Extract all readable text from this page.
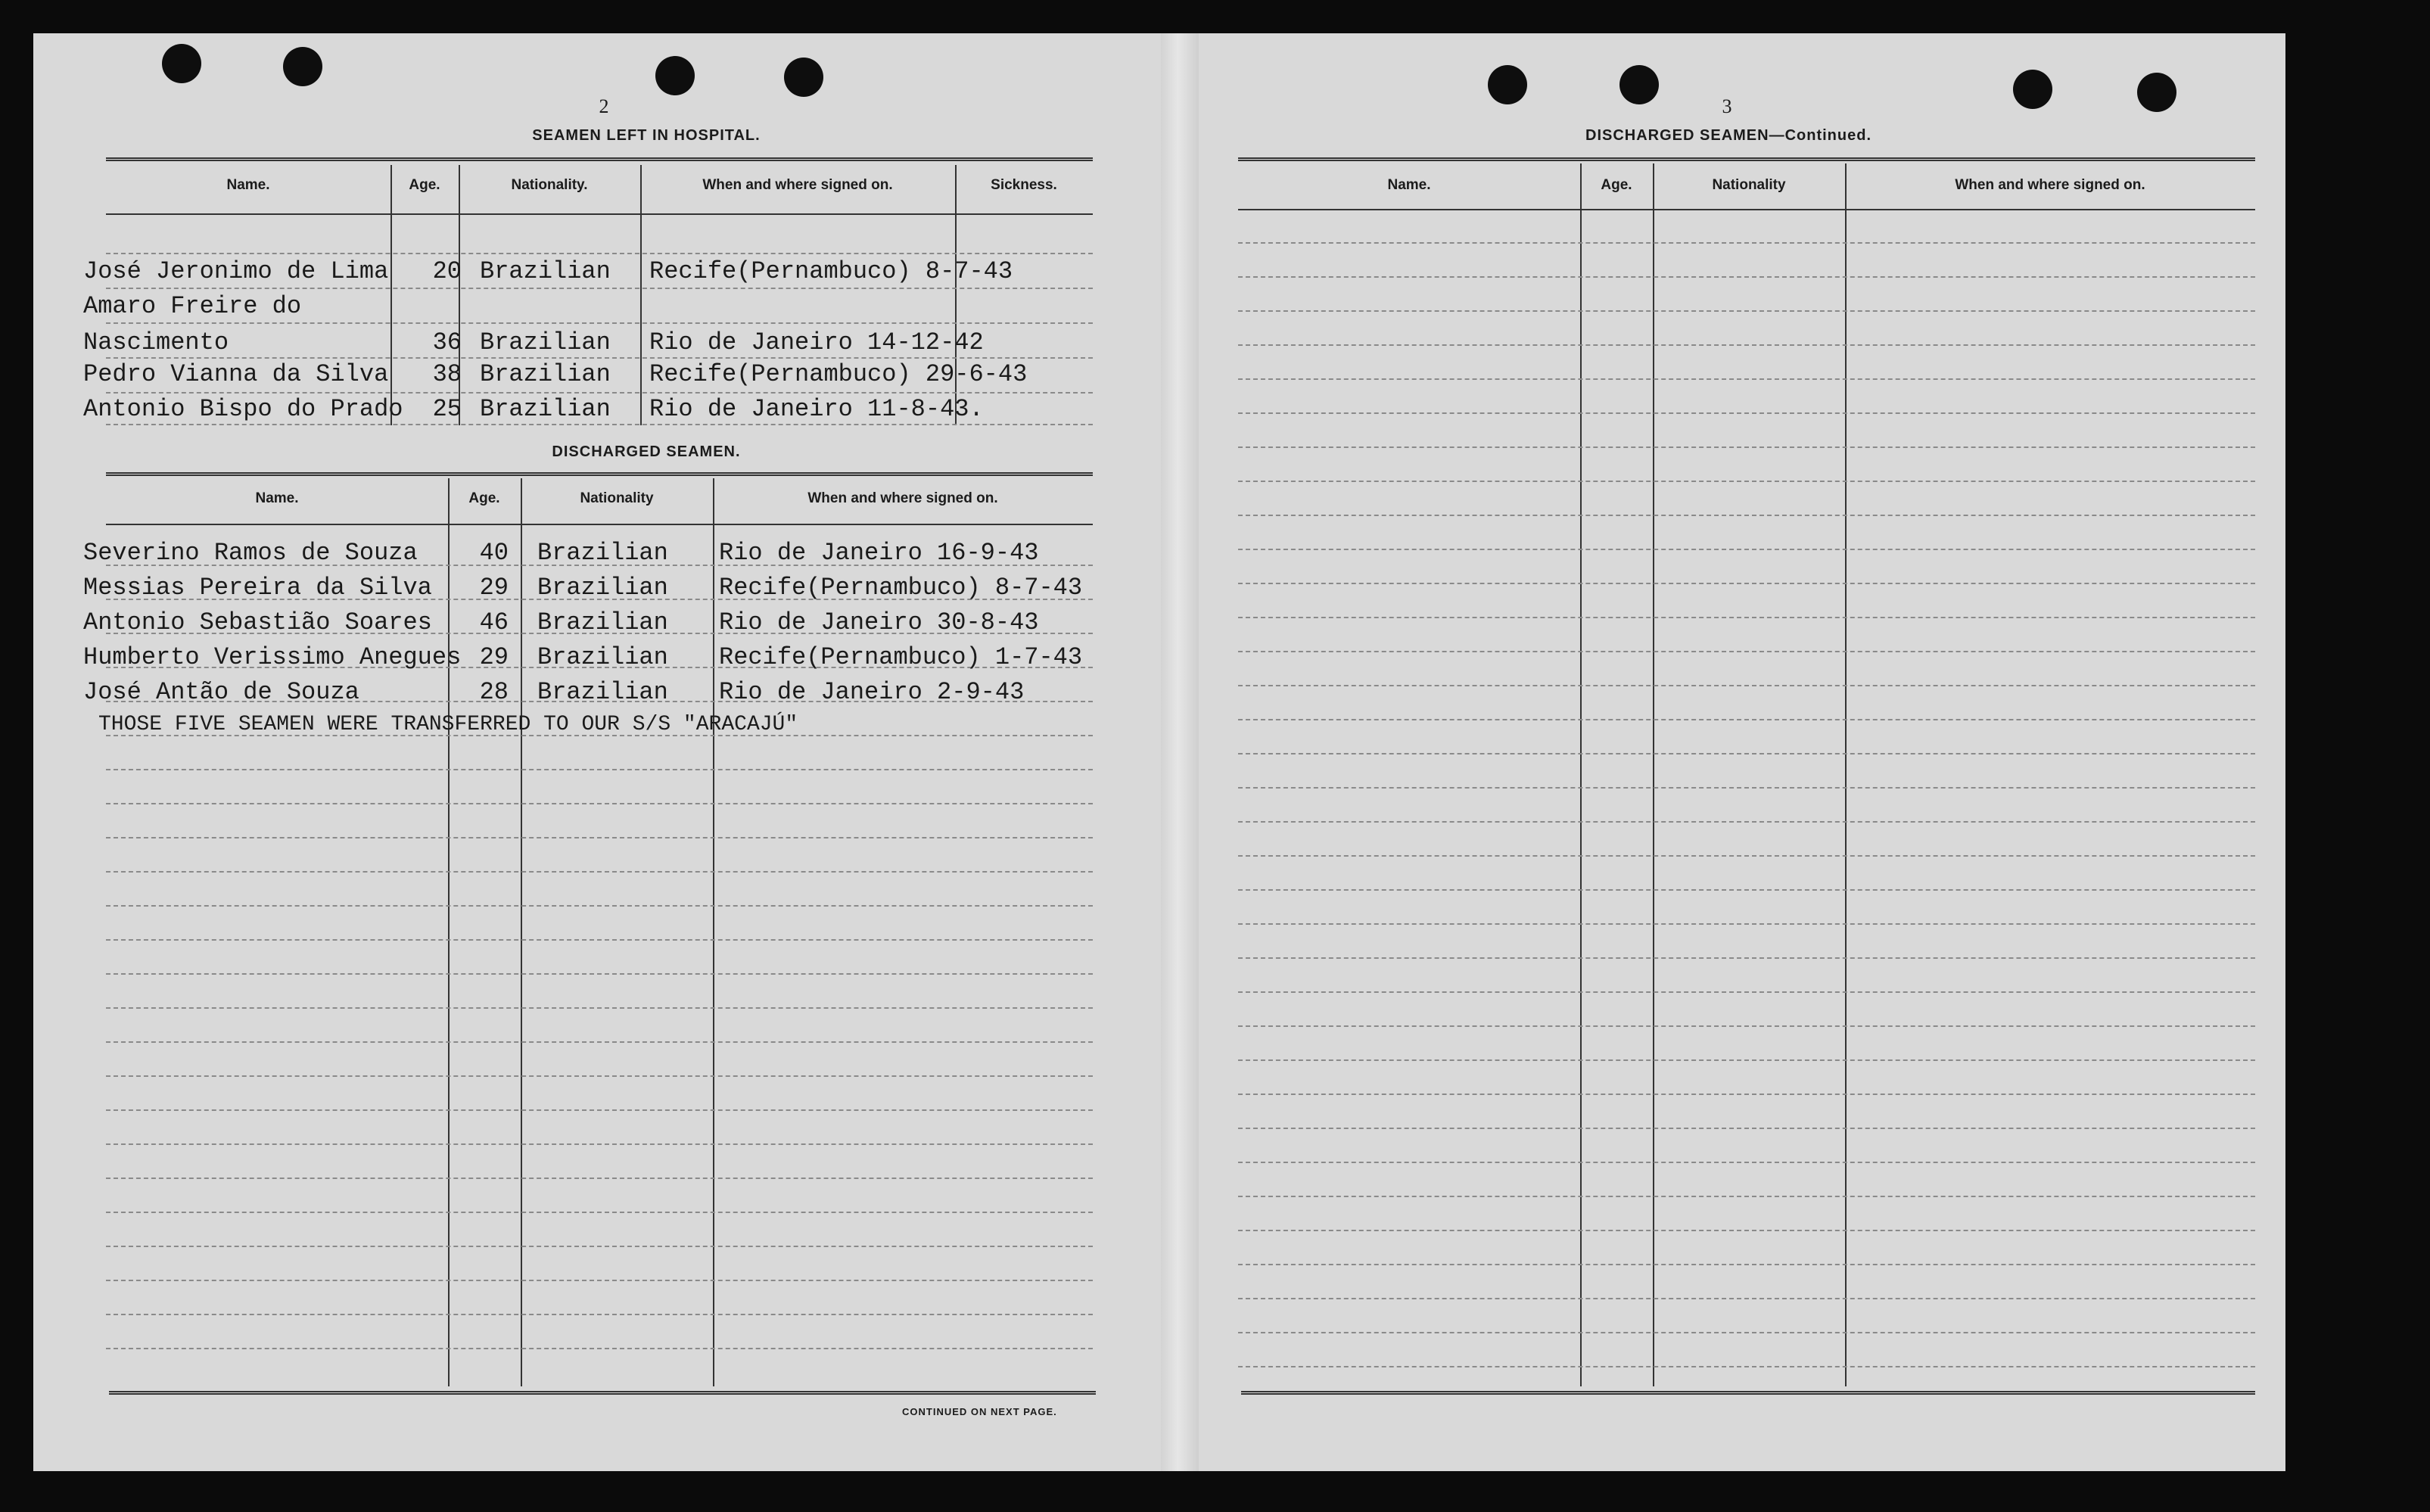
2
SEAMEN LEFT IN HOSPITAL.
Name.	Age.	Nationality.	When and where signed on.	Sickness.
José Jeronimo de Lima	20 Brazilian Recife(Pernambuco) 8-7-43
Amaro Freire do
Nascimento	36 Brazilian Rio de Janeiro 14-12-42
Pedro Vianna da Silva	38 Brazilian Recife(Pernambuco) 29-6-43
Antonio Bispo do Prado	25 Brazilian Rio de Janeiro 11-8-43.
DISCHARGED SEAMEN.
Name.	Age.	Nationality	When and where signed on.
Severino Ramos de Souza	40 Brazilian Rio de Janeiro 16-9-43
Messias Pereira da Silva	29 Brazilian Recife(Pernambuco) 8-7-43
Antonio Sebastião Soares	46 Brazilian Rio de Janeiro 30-8-43
Humberto Verissimo Anegues 29 Brazilian Recife(Pernambuco) 1-7-43
José Antão de Souza	28 Brazilian Rio de Janeiro 2-9-43
THOSE FIVE SEAMEN WERE TRANSFERRED TO OUR S/S "ARACAJÚ"
CONTINUED ON NEXT PAGE.
3
DISCHARGED SEAMEN—Continued.
Name.	Age.	Nationality	When and where signed on.
